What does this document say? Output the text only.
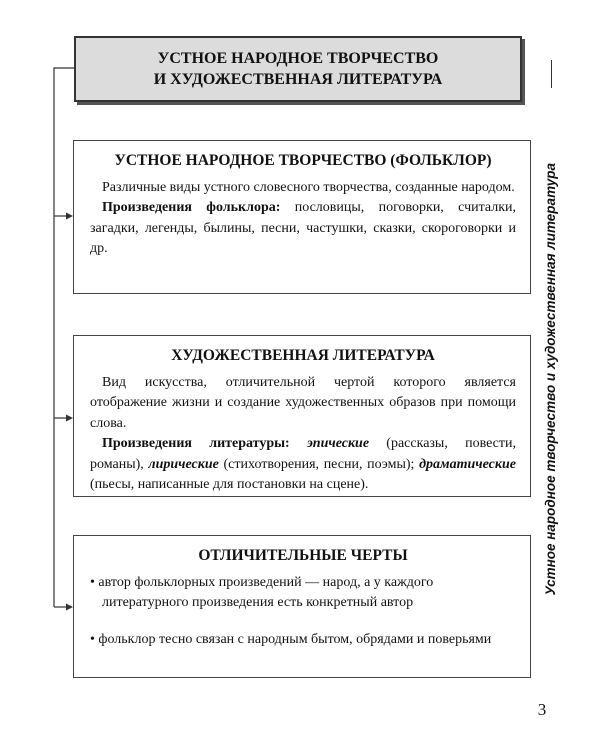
УСТНОЕ НАРОДНОЕ ТВОРЧЕСТВО
И ХУДОЖЕСТВЕННАЯ ЛИТЕРАТУРА
УСТНОЕ НАРОДНОЕ ТВОРЧЕСТВО (ФОЛЬКЛОР)

Различные виды устного словесного творчества, созданные народом.

Произведения фольклора: пословицы, поговорки, считалки, загадки, легенды, былины, песни, частушки, сказки, скороговорки и др.

ХУДОЖЕСТВЕННАЯ ЛИТЕРАТУРА

Вид искусства, отличительной чертой которого является отображение жизни и создание художественных образов при помощи слова.

Произведения литературы: эпические (рассказы, повести, романы), лирические (стихотворения, песни, поэмы); драматические (пьесы, написанные для постановки на сцене).

ОТЛИЧИТЕЛЬНЫЕ ЧЕРТЫ
• автор фольклорных произведений — народ, а у каждого литературного произведения есть конкретный автор
• фольклор тесно связан с народным бытом, обрядами и поверьями
Устное народное творчество и художественная литература
3
